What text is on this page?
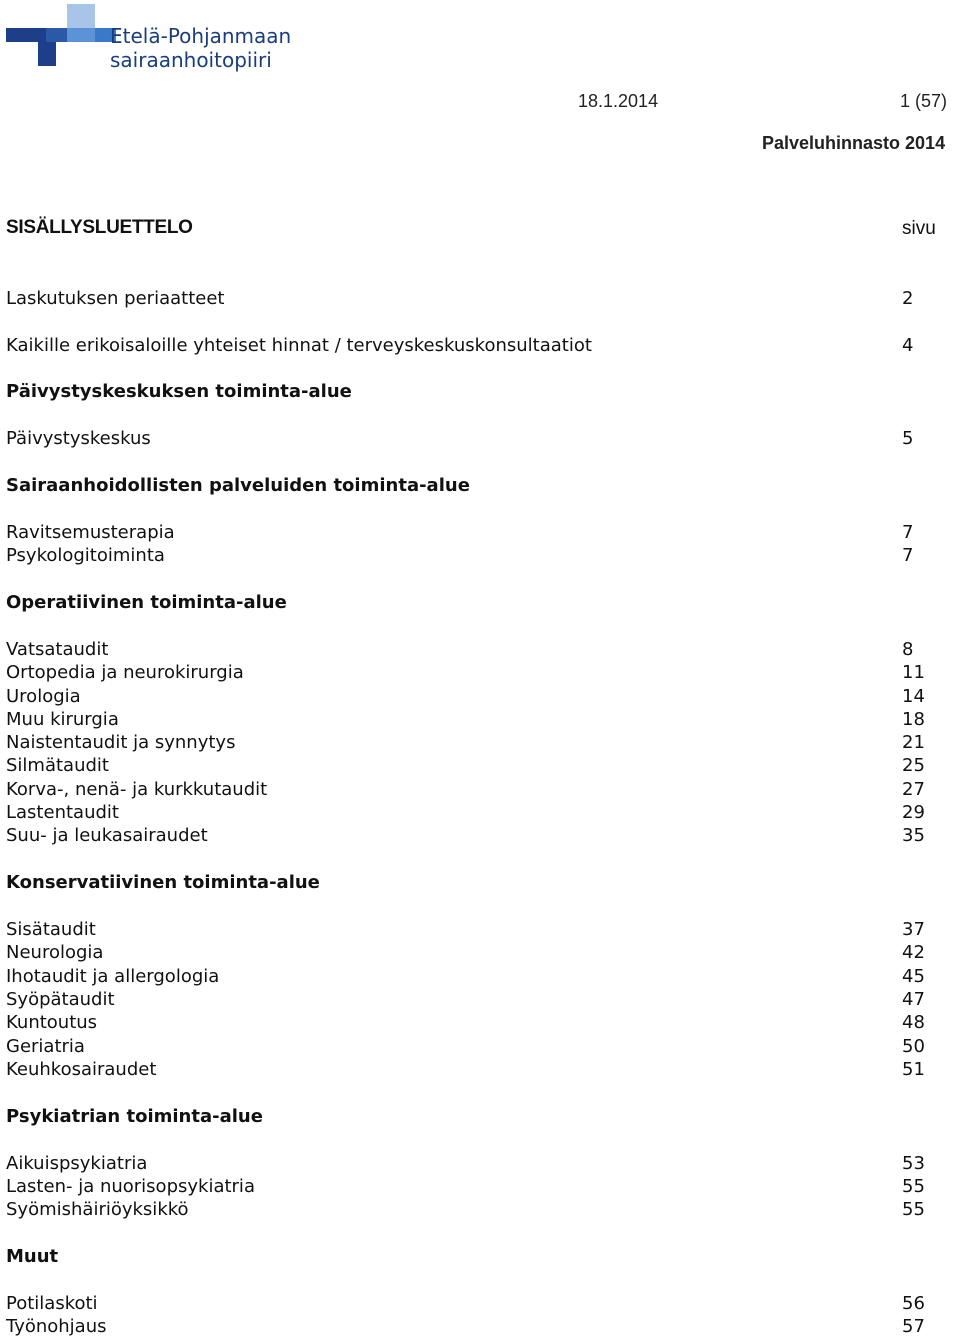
Etelä-Pohjanmaan
sairaanhoitopiiri
18.1.2014	1 (57)
Palveluhinnasto 2014
SISÄLLYSLUETTELO	sivu
Laskutuksen periaatteet	2
Kaikille erikoisaloille yhteiset hinnat / terveyskeskuskonsultaatiot	4
Päivystyskeskuksen toiminta-alue
Päivystyskeskus	5
Sairaanhoidollisten palveluiden toiminta-alue
Ravitsemusterapia	7
Psykologitoiminta	7
Operatiivinen toiminta-alue
Vatsataudit	8
Ortopedia ja neurokirurgia	11
Urologia	14
Muu kirurgia	18
Naistentaudit ja synnytys	21
Silmätaudit	25
Korva-, nenä- ja kurkkutaudit	27
Lastentaudit	29
Suu- ja leukasairaudet	35
Konservatiivinen toiminta-alue
Sisätaudit	37
Neurologia	42
Ihotaudit ja allergologia	45
Syöpätaudit	47
Kuntoutus	48
Geriatria	50
Keuhkosairaudet	51
Psykiatrian toiminta-alue
Aikuispsykiatria	53
Lasten- ja nuorisopsykiatria	55
Syömishäiriöyksikkö	55
Muut
Potilaskoti	56
Työnohjaus	57
